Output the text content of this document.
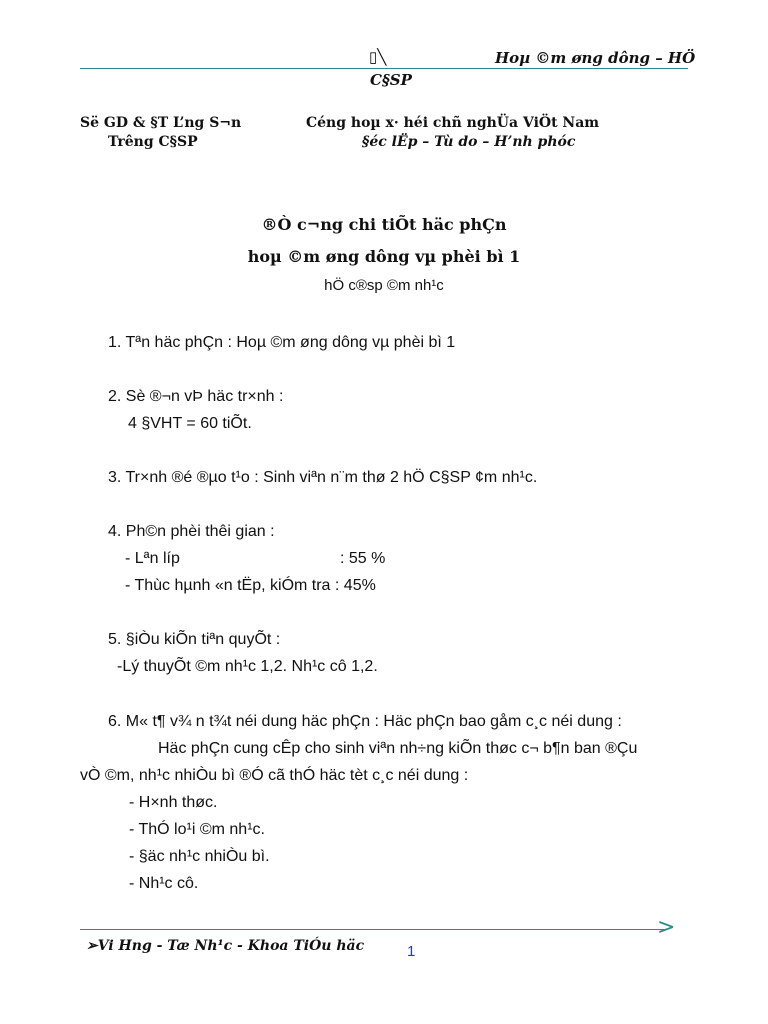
▯╲	Hoµ ©m øng dông – HÖ
C§SP
Së GD & §T L’ng S¬n
Trêng C§SP
Céng hoµ x· héi chñ nghÜa ViÖt Nam
§éc lËp – Tù do – H’nh phóc
®Ò c¬ng chi tiÕt häc phÇn
hoµ ©m øng dông vµ phèi bì 1
hÖ c®sp ©m nh¹c
1. Tªn häc phÇn : Hoµ ©m øng dông vµ phèi bì 1
2. Sè ®¬n vÞ häc tr×nh :
4 §VHT = 60 tiÕt.
3. Tr×nh ®é ®µo t¹o : Sinh viªn n¨m thø 2 hÖ C§SP ¢m nh¹c.
4. Ph©n phèi thêi gian :
- Lªn líp	: 55 %
- Thùc hµnh «n tËp, kiÓm tra : 45%
5. §iÒu kiÕn tiªn quyÕt :
-Lý thuyÕt ©m nh¹c 1,2. Nh¹c cô 1,2.
6. M« t¶ v¾ n t¾t néi dung häc phÇn : Häc phÇn bao gåm c¸c néi dung :
Häc phÇn cung cÊp cho sinh viªn nh÷ng kiÕn thøc c¬ b¶n ban ®Çu
vÒ ©m, nh¹c nhiÒu bì ®Ó cã thÓ häc tèt c¸c néi dung :
- H×nh thøc.
- ThÓ lo¹i ©m nh¹c.
- §äc nh¹c nhiÒu bì.
- Nh¹c cô.
>
➢Vi Hng - Tæ Nh¹c - Khoa TiÓu häc	1
